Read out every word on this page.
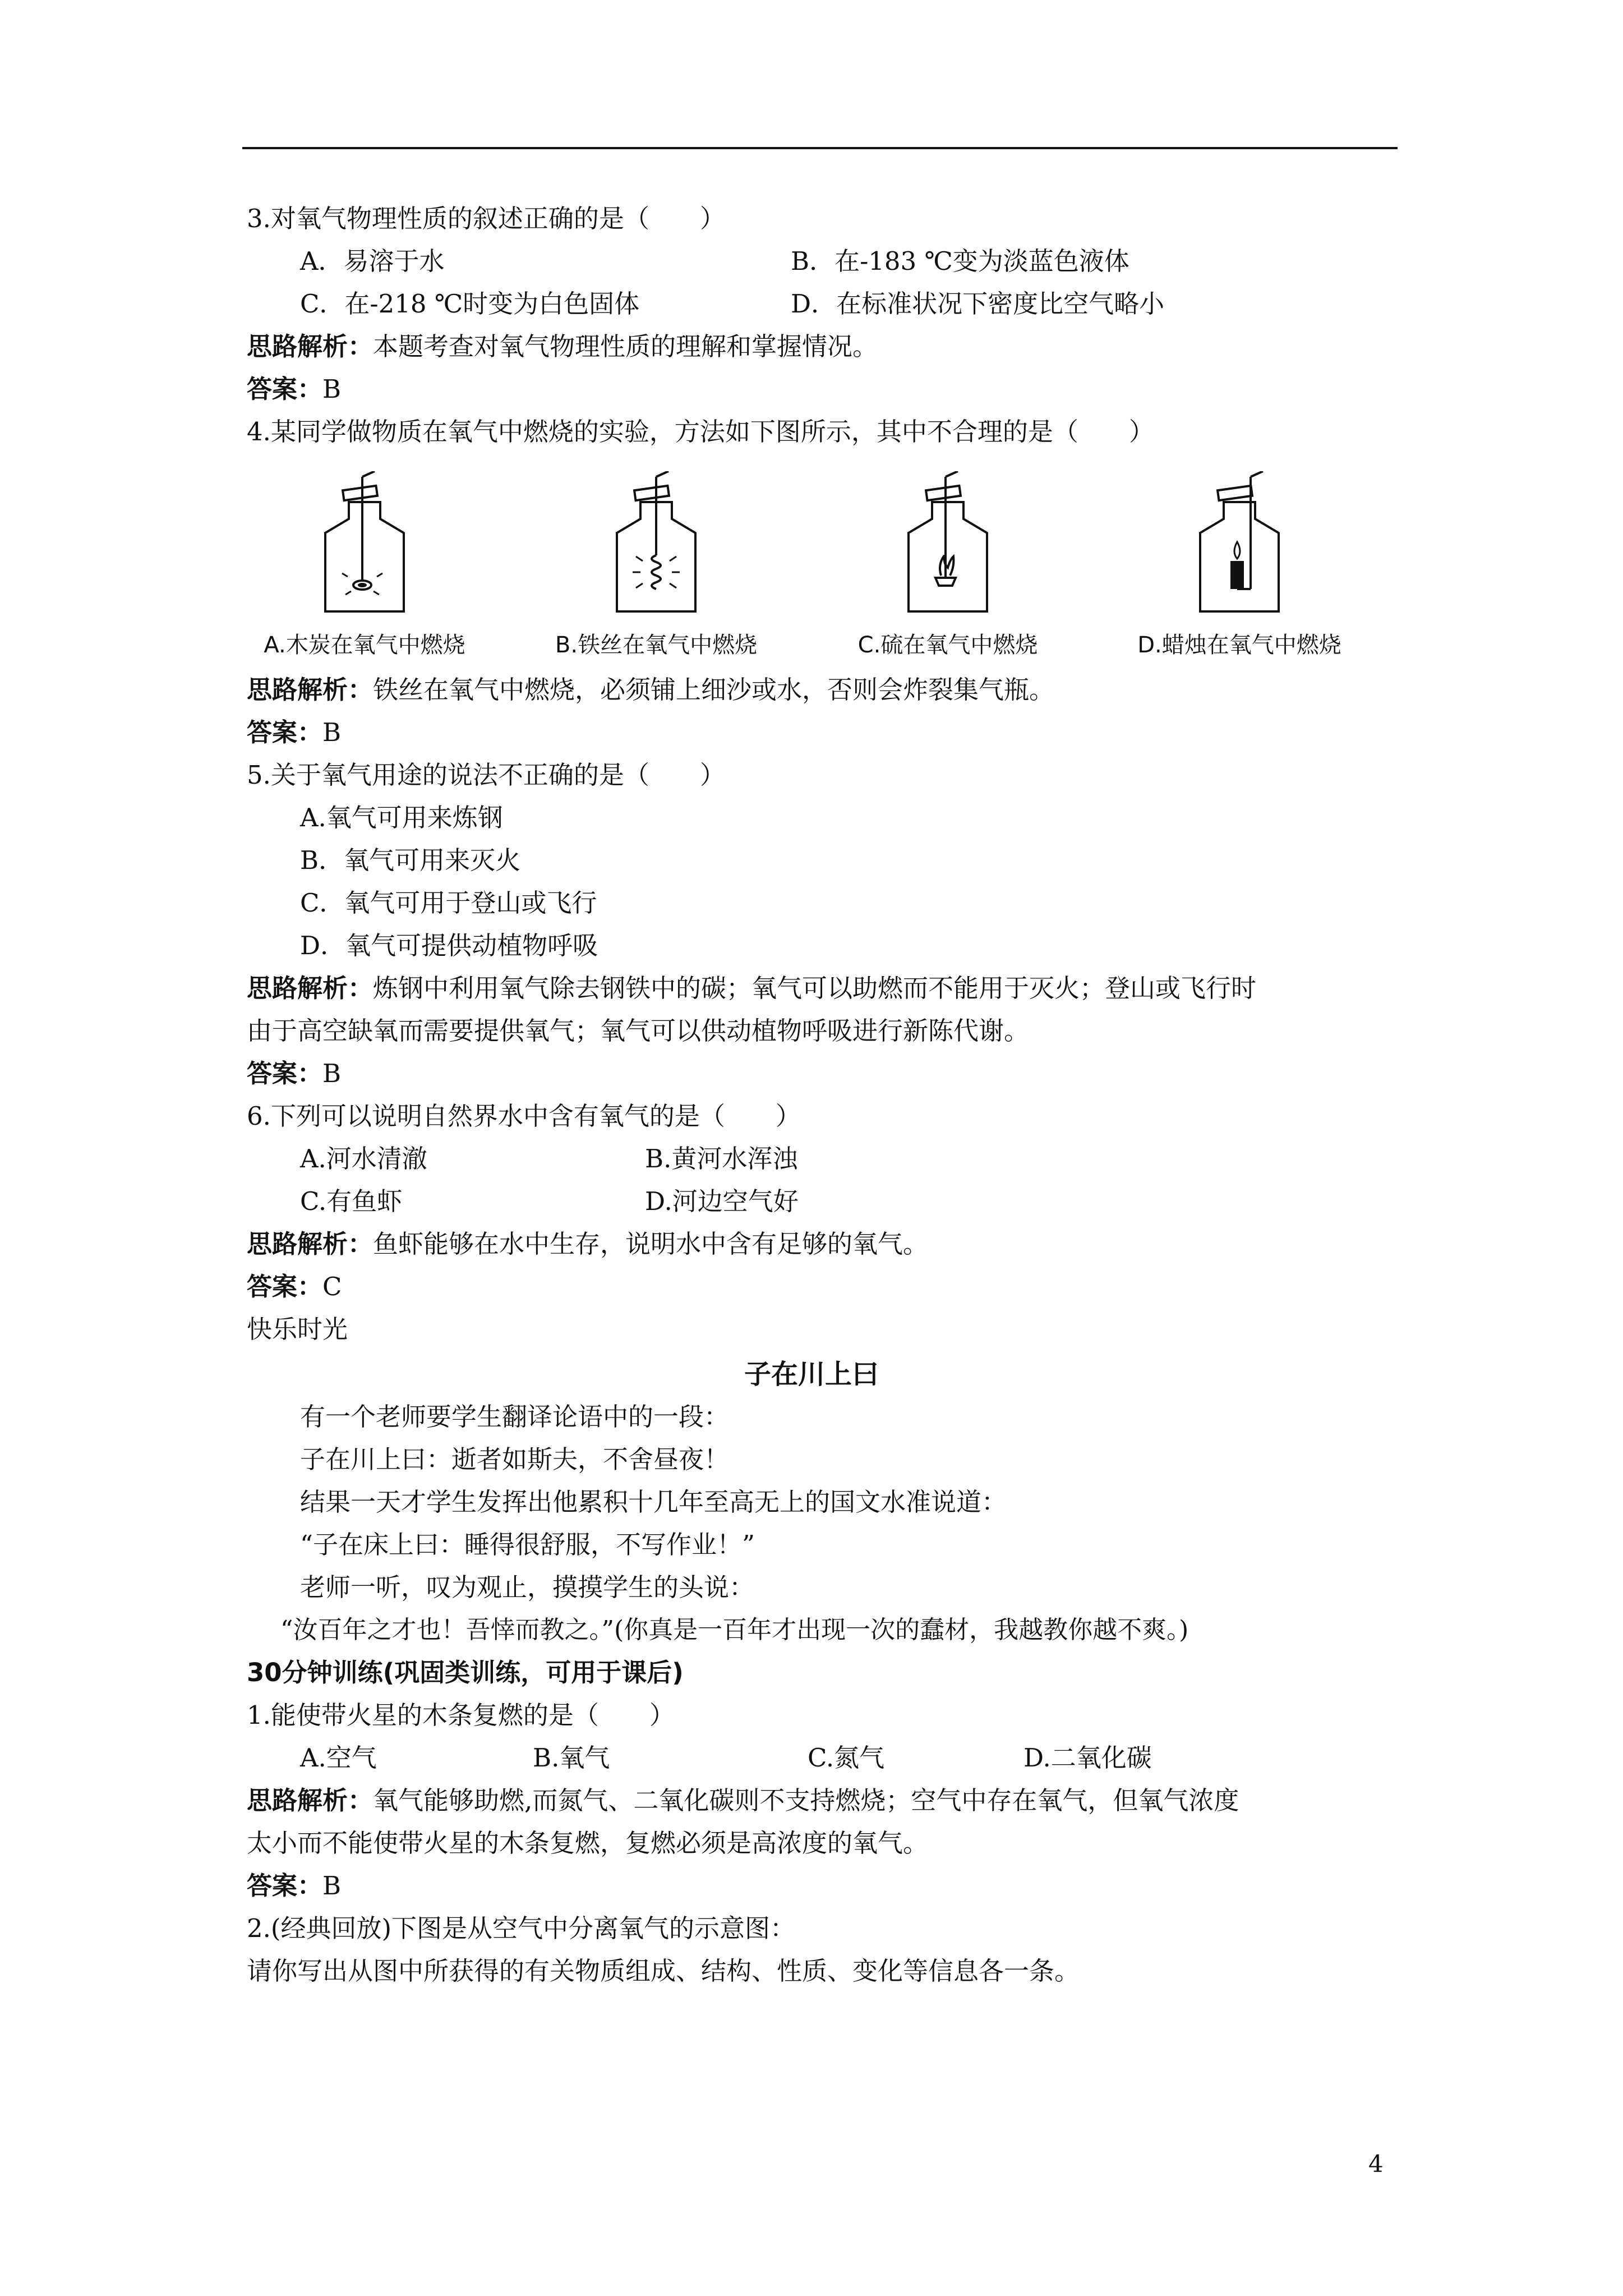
3.对氧气物理性质的叙述正确的是（　　）
A．易溶于水	B．在-183 ℃变为淡蓝色液体
C．在-218 ℃时变为白色固体	D．在标准状况下密度比空气略小
思路解析：本题考查对氧气物理性质的理解和掌握情况。
答案：B
4.某同学做物质在氧气中燃烧的实验，方法如下图所示，其中不合理的是（　　）
A.木炭在氧气中燃烧	B.铁丝在氧气中燃烧	C.硫在氧气中燃烧	D.蜡烛在氧气中燃烧
思路解析：铁丝在氧气中燃烧，必须铺上细沙或水，否则会炸裂集气瓶。
答案：B
5.关于氧气用途的说法不正确的是（　　）
A.氧气可用来炼钢
B．氧气可用来灭火
C．氧气可用于登山或飞行
D．氧气可提供动植物呼吸
思路解析：炼钢中利用氧气除去钢铁中的碳；氧气可以助燃而不能用于灭火；登山或飞行时
由于高空缺氧而需要提供氧气；氧气可以供动植物呼吸进行新陈代谢。
答案：B
6.下列可以说明自然界水中含有氧气的是（　　）
A.河水清澈	B.黄河水浑浊
C.有鱼虾	D.河边空气好
思路解析：鱼虾能够在水中生存，说明水中含有足够的氧气。
答案：C
快乐时光
子在川上曰
有一个老师要学生翻译论语中的一段：
子在川上曰：逝者如斯夫，不舍昼夜！
结果一天才学生发挥出他累积十几年至高无上的国文水准说道：
“子在床上曰：睡得很舒服，不写作业！”
老师一听，叹为观止，摸摸学生的头说：
“汝百年之才也！吾悻而教之。”(你真是一百年才出现一次的蠢材，我越教你越不爽。)
30分钟训练(巩固类训练，可用于课后)
1.能使带火星的木条复燃的是（　　）
A.空气	B.氧气	C.氮气	D.二氧化碳
思路解析：氧气能够助燃,而氮气、二氧化碳则不支持燃烧；空气中存在氧气，但氧气浓度
太小而不能使带火星的木条复燃，复燃必须是高浓度的氧气。
答案：B
2.(经典回放)下图是从空气中分离氧气的示意图：
请你写出从图中所获得的有关物质组成、结构、性质、变化等信息各一条。
4
